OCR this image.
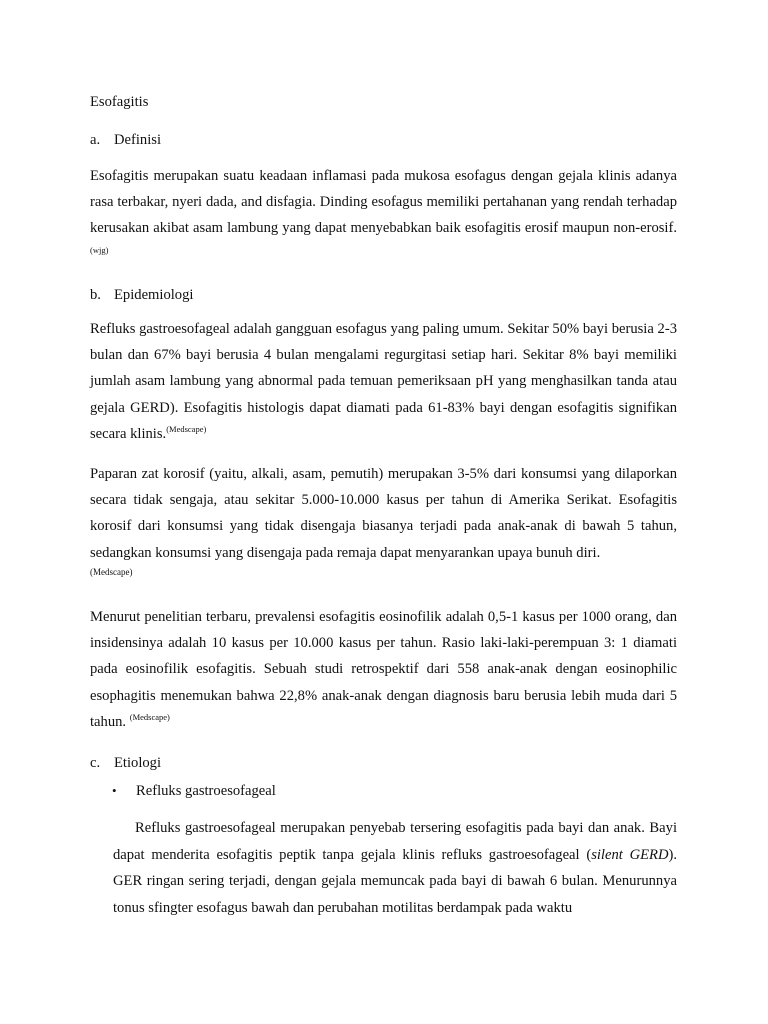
Esofagitis
a. Definisi

Esofagitis merupakan suatu keadaan inflamasi pada mukosa esofagus dengan gejala klinis adanya rasa terbakar, nyeri dada, and disfagia. Dinding esofagus memiliki pertahanan yang rendah terhadap kerusakan akibat asam lambung yang dapat menyebabkan baik esofagitis erosif maupun non-erosif.$^{(wjg)}$

b. Epidemiologi

Refluks gastroesofageal adalah gangguan esofagus yang paling umum. Sekitar 50% bayi berusia 2-3 bulan dan 67% bayi berusia 4 bulan mengalami regurgitasi setiap hari. Sekitar 8% bayi memiliki jumlah asam lambung yang abnormal pada temuan pemeriksaan pH yang menghasilkan tanda atau gejala GERD). Esofagitis histologis dapat diamati pada 61-83% bayi dengan esofagitis signifikan secara klinis.$^{(Medscape)}$

Paparan zat korosif (yaitu, alkali, asam, pemutih) merupakan 3-5% dari konsumsi yang dilaporkan secara tidak sengaja, atau sekitar 5.000-10.000 kasus per tahun di Amerika Serikat. Esofagitis korosif dari konsumsi yang tidak disengaja biasanya terjadi pada anak-anak di bawah 5 tahun, sedangkan konsumsi yang disengaja pada remaja dapat menyarankan upaya bunuh diri.
(Medscape)

Menurut penelitian terbaru, prevalensi esofagitis eosinofilik adalah 0,5-1 kasus per 1000 orang, dan insidensinya adalah 10 kasus per 10.000 kasus per tahun. Rasio laki-laki-perempuan 3: 1 diamati pada eosinofilik esofagitis. Sebuah studi retrospektif dari 558 anak-anak dengan eosinophilic esophagitis menemukan bahwa 22,8% anak-anak dengan diagnosis baru berusia lebih muda dari 5 tahun. $^{(Medscape)}$

c. Etiologi
• Refluks gastroesofageal

Refluks gastroesofageal merupakan penyebab tersering esofagitis pada bayi dan anak. Bayi dapat menderita esofagitis peptik tanpa gejala klinis refluks gastroesofageal (silent GERD). GER ringan sering terjadi, dengan gejala memuncak pada bayi di bawah 6 bulan. Menurunnya tonus sfingter esofagus bawah dan perubahan motilitas berdampak pada waktu
